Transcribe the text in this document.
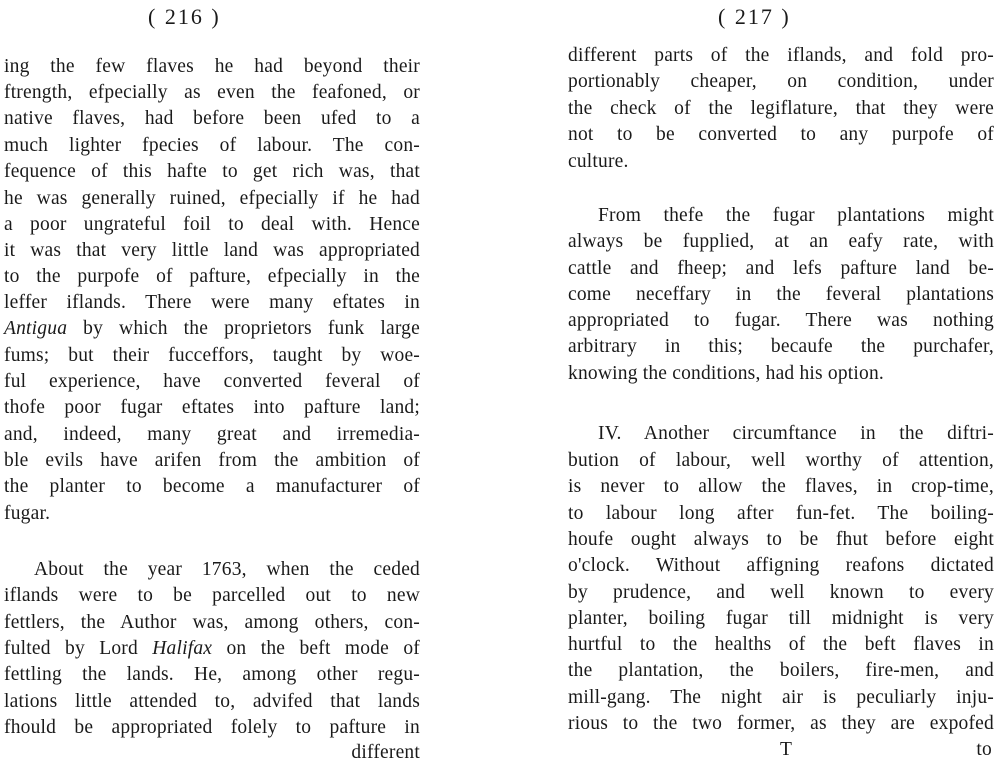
( 216 )
ing the few flaves he had beyond their
ftrength, efpecially as even the feafoned, or
native flaves, had before been ufed to a
much lighter fpecies of labour. The con-
fequence of this hafte to get rich was, that
he was generally ruined, efpecially if he had
a poor ungrateful foil to deal with. Hence
it was that very little land was appropriated
to the purpofe of pafture, efpecially in the
leffer iflands. There were many eftates in
Antigua by which the proprietors funk large
fums; but their fucceffors, taught by woe-
ful experience, have converted feveral of
thofe poor fugar eftates into pafture land;
and, indeed, many great and irremedia-
ble evils have arifen from the ambition of
the planter to become a manufacturer of
fugar.
About the year 1763, when the ceded
iflands were to be parcelled out to new
fettlers, the Author was, among others, con-
fulted by Lord Halifax on the beft mode of
fettling the lands. He, among other regu-
lations little attended to, advifed that lands
fhould be appropriated folely to pafture in
different
( 217 )
different parts of the iflands, and fold pro-
portionably cheaper, on condition, under
the check of the legiflature, that they were
not to be converted to any purpofe of
culture.
From thefe the fugar plantations might
always be fupplied, at an eafy rate, with
cattle and fheep; and lefs pafture land be-
come neceffary in the feveral plantations
appropriated to fugar. There was nothing
arbitrary in this; becaufe the purchafer,
knowing the conditions, had his option.
IV. Another circumftance in the diftri-
bution of labour, well worthy of attention,
is never to allow the flaves, in crop-time,
to labour long after fun-fet. The boiling-
houfe ought always to be fhut before eight
o'clock. Without affigning reafons dictated
by prudence, and well known to every
planter, boiling fugar till midnight is very
hurtful to the healths of the beft flaves in
the plantation, the boilers, fire-men, and
mill-gang. The night air is peculiarly inju-
rious to the two former, as they are expofed
T	to
